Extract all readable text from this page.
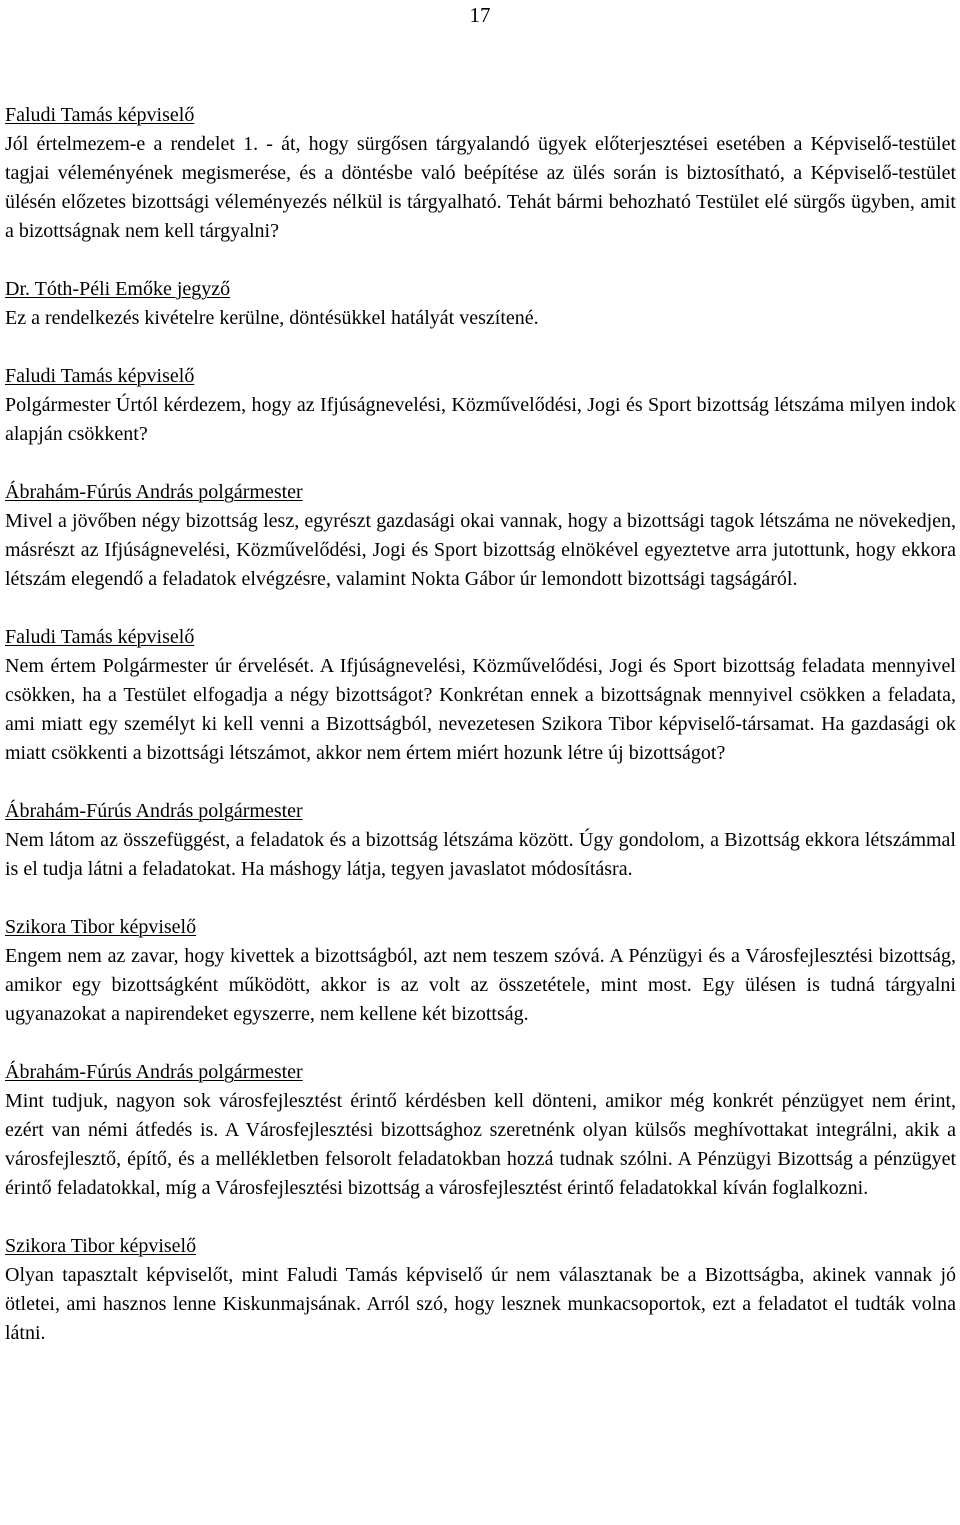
17
Faludi Tamás képviselő

Jól értelmezem-e a rendelet 1. - át, hogy sürgősen tárgyalandó ügyek előterjesztései esetében a Képviselő-testület tagjai véleményének megismerése, és a döntésbe való beépítése az ülés során is biztosítható, a Képviselő-testület ülésén előzetes bizottsági véleményezés nélkül is tárgyalható. Tehát bármi behozható Testület elé sürgős ügyben, amit a bizottságnak nem kell tárgyalni?

Dr. Tóth-Péli Emőke jegyző

Ez a rendelkezés kivételre kerülne, döntésükkel hatályát veszítené.

Faludi Tamás képviselő

Polgármester Úrtól kérdezem, hogy az Ifjúságnevelési, Közművelődési, Jogi és Sport bizottság létszáma milyen indok alapján csökkent?

Ábrahám-Fúrús András polgármester

Mivel a jövőben négy bizottság lesz, egyrészt gazdasági okai vannak, hogy a bizottsági tagok létszáma ne növekedjen, másrészt az Ifjúságnevelési, Közművelődési, Jogi és Sport bizottság elnökével egyeztetve arra jutottunk, hogy ekkora létszám elegendő a feladatok elvégzésre, valamint Nokta Gábor úr lemondott bizottsági tagságáról.

Faludi Tamás képviselő

Nem értem Polgármester úr érvelését. A Ifjúságnevelési, Közművelődési, Jogi és Sport bizottság feladata mennyivel csökken, ha a Testület elfogadja a négy bizottságot? Konkrétan ennek a bizottságnak mennyivel csökken a feladata, ami miatt egy személyt ki kell venni a Bizottságból, nevezetesen Szikora Tibor képviselő-társamat. Ha gazdasági ok miatt csökkenti a bizottsági létszámot, akkor nem értem miért hozunk létre új bizottságot?

Ábrahám-Fúrús András polgármester

Nem látom az összefüggést, a feladatok és a bizottság létszáma között. Úgy gondolom, a Bizottság ekkora létszámmal is el tudja látni a feladatokat. Ha máshogy látja, tegyen javaslatot módosításra.

Szikora Tibor képviselő

Engem nem az zavar, hogy kivettek a bizottságból, azt nem teszem szóvá. A Pénzügyi és a Városfejlesztési bizottság, amikor egy bizottságként működött, akkor is az volt az összetétele, mint most. Egy ülésen is tudná tárgyalni ugyanazokat a napirendeket egyszerre, nem kellene két bizottság.

Ábrahám-Fúrús András polgármester

Mint tudjuk, nagyon sok városfejlesztést érintő kérdésben kell dönteni, amikor még konkrét pénzügyet nem érint, ezért van némi átfedés is. A Városfejlesztési bizottsághoz szeretnénk olyan külsős meghívottakat integrálni, akik a városfejlesztő, építő, és a mellékletben felsorolt feladatokban hozzá tudnak szólni. A Pénzügyi Bizottság a pénzügyet érintő feladatokkal, míg a Városfejlesztési bizottság a városfejlesztést érintő feladatokkal kíván foglalkozni.

Szikora Tibor képviselő

Olyan tapasztalt képviselőt, mint Faludi Tamás képviselő úr nem választanak be a Bizottságba, akinek vannak jó ötletei, ami hasznos lenne Kiskunmajsának. Arról szó, hogy lesznek munkacsoportok, ezt a feladatot el tudták volna látni.
